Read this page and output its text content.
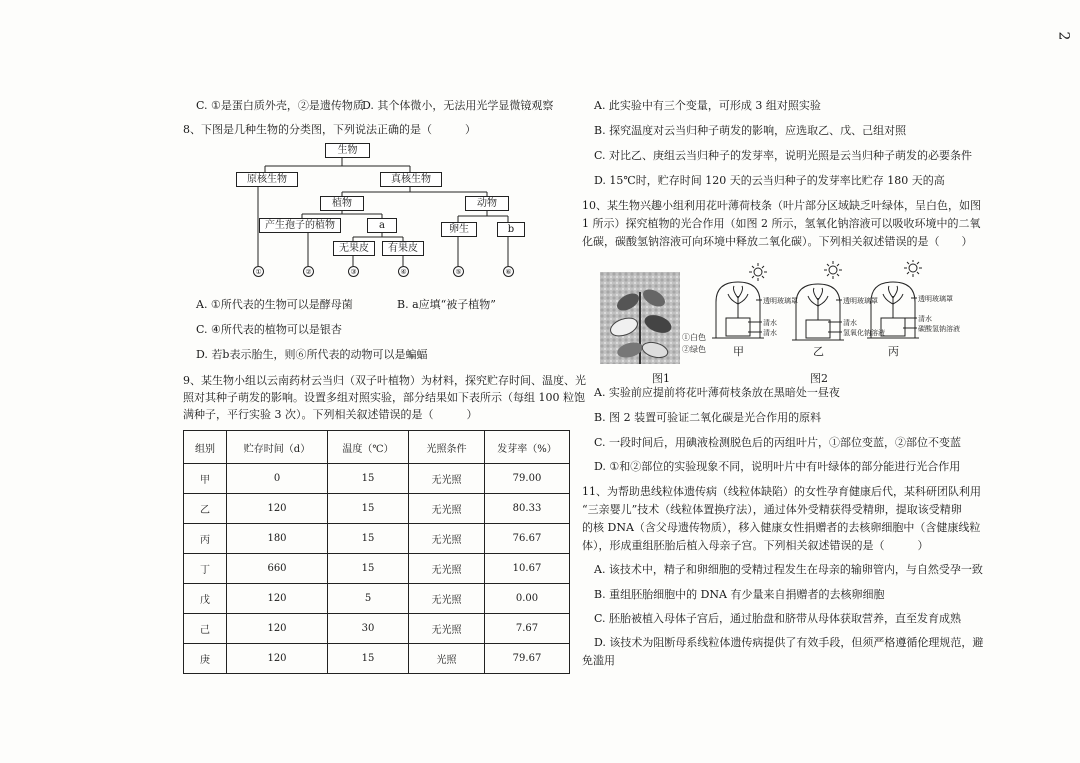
2
C. ①是蛋白质外壳，②是遗传物质
D. 其个体微小，无法用光学显微镜观察
8、下图是几种生物的分类图，下列说法正确的是（　　　）
生物
原核生物	真核生物
植物	动物
产生孢子的植物	a
无果皮	有果皮
卵生	b
①	②	③	④	⑤	⑥
A. ①所代表的生物可以是酵母菌	B. a应填“被子植物”
C. ④所代表的植物可以是银杏
D. 若b表示胎生，则⑥所代表的动物可以是蝙蝠
9、某生物小组以云南药材云当归（双子叶植物）为材料，探究贮存时间、温度、光
照对其种子萌发的影响。设置多组对照实验，部分结果如下表所示（每组 100 粒饱
满种子，平行实验 3 次）。下列相关叙述错误的是（　　　）
组别	贮存时间（d）	温度（℃）	光照条件	发芽率（%）
甲	0	15	无光照	79.00
乙	120	15	无光照	80.33
丙	180	15	无光照	76.67
丁	660	15	无光照	10.67
戊	120	5	无光照	0.00
己	120	30	无光照	7.67
庚	120	15	光照	79.67
A. 此实验中有三个变量，可形成 3 组对照实验
B. 探究温度对云当归种子萌发的影响，应选取乙、戊、己组对照
C. 对比乙、庚组云当归种子的发芽率，说明光照是云当归种子萌发的必要条件
D. 15℃时，贮存时间 120 天的云当归种子的发芽率比贮存 180 天的高
10、某生物兴趣小组利用花叶薄荷枝条（叶片部分区域缺乏叶绿体，呈白色，如图
1 所示）探究植物的光合作用（如图 2 所示，氢氧化钠溶液可以吸收环境中的二氧
化碳，碳酸氢钠溶液可向环境中释放二氧化碳）。下列相关叙述错误的是（　　）
①白色
②绿色
图1
透明玻璃罩
清水
清水
透明玻璃罩
清水
氢氧化钠溶液
透明玻璃罩
清水
碳酸氢钠溶液
甲	乙	丙
图2
A. 实验前应提前将花叶薄荷枝条放在黑暗处一昼夜
B. 图 2 装置可验证二氧化碳是光合作用的原料
C. 一段时间后，用碘液检测脱色后的丙组叶片，①部位变蓝，②部位不变蓝
D. ①和②部位的实验现象不同，说明叶片中有叶绿体的部分能进行光合作用
11、为帮助患线粒体遗传病（线粒体缺陷）的女性孕育健康后代，某科研团队利用
“三亲婴儿”技术（线粒体置换疗法），通过体外受精获得受精卵，提取该受精卵
的核 DNA（含父母遗传物质），移入健康女性捐赠者的去核卵细胞中（含健康线粒
体），形成重组胚胎后植入母亲子宫。下列相关叙述错误的是（　　　）
A. 该技术中，精子和卵细胞的受精过程发生在母亲的输卵管内，与自然受孕一致
B. 重组胚胎细胞中的 DNA 有少量来自捐赠者的去核卵细胞
C. 胚胎被植入母体子宫后，通过胎盘和脐带从母体获取营养，直至发育成熟
D. 该技术为阻断母系线粒体遗传病提供了有效手段，但须严格遵循伦理规范，避
免滥用
